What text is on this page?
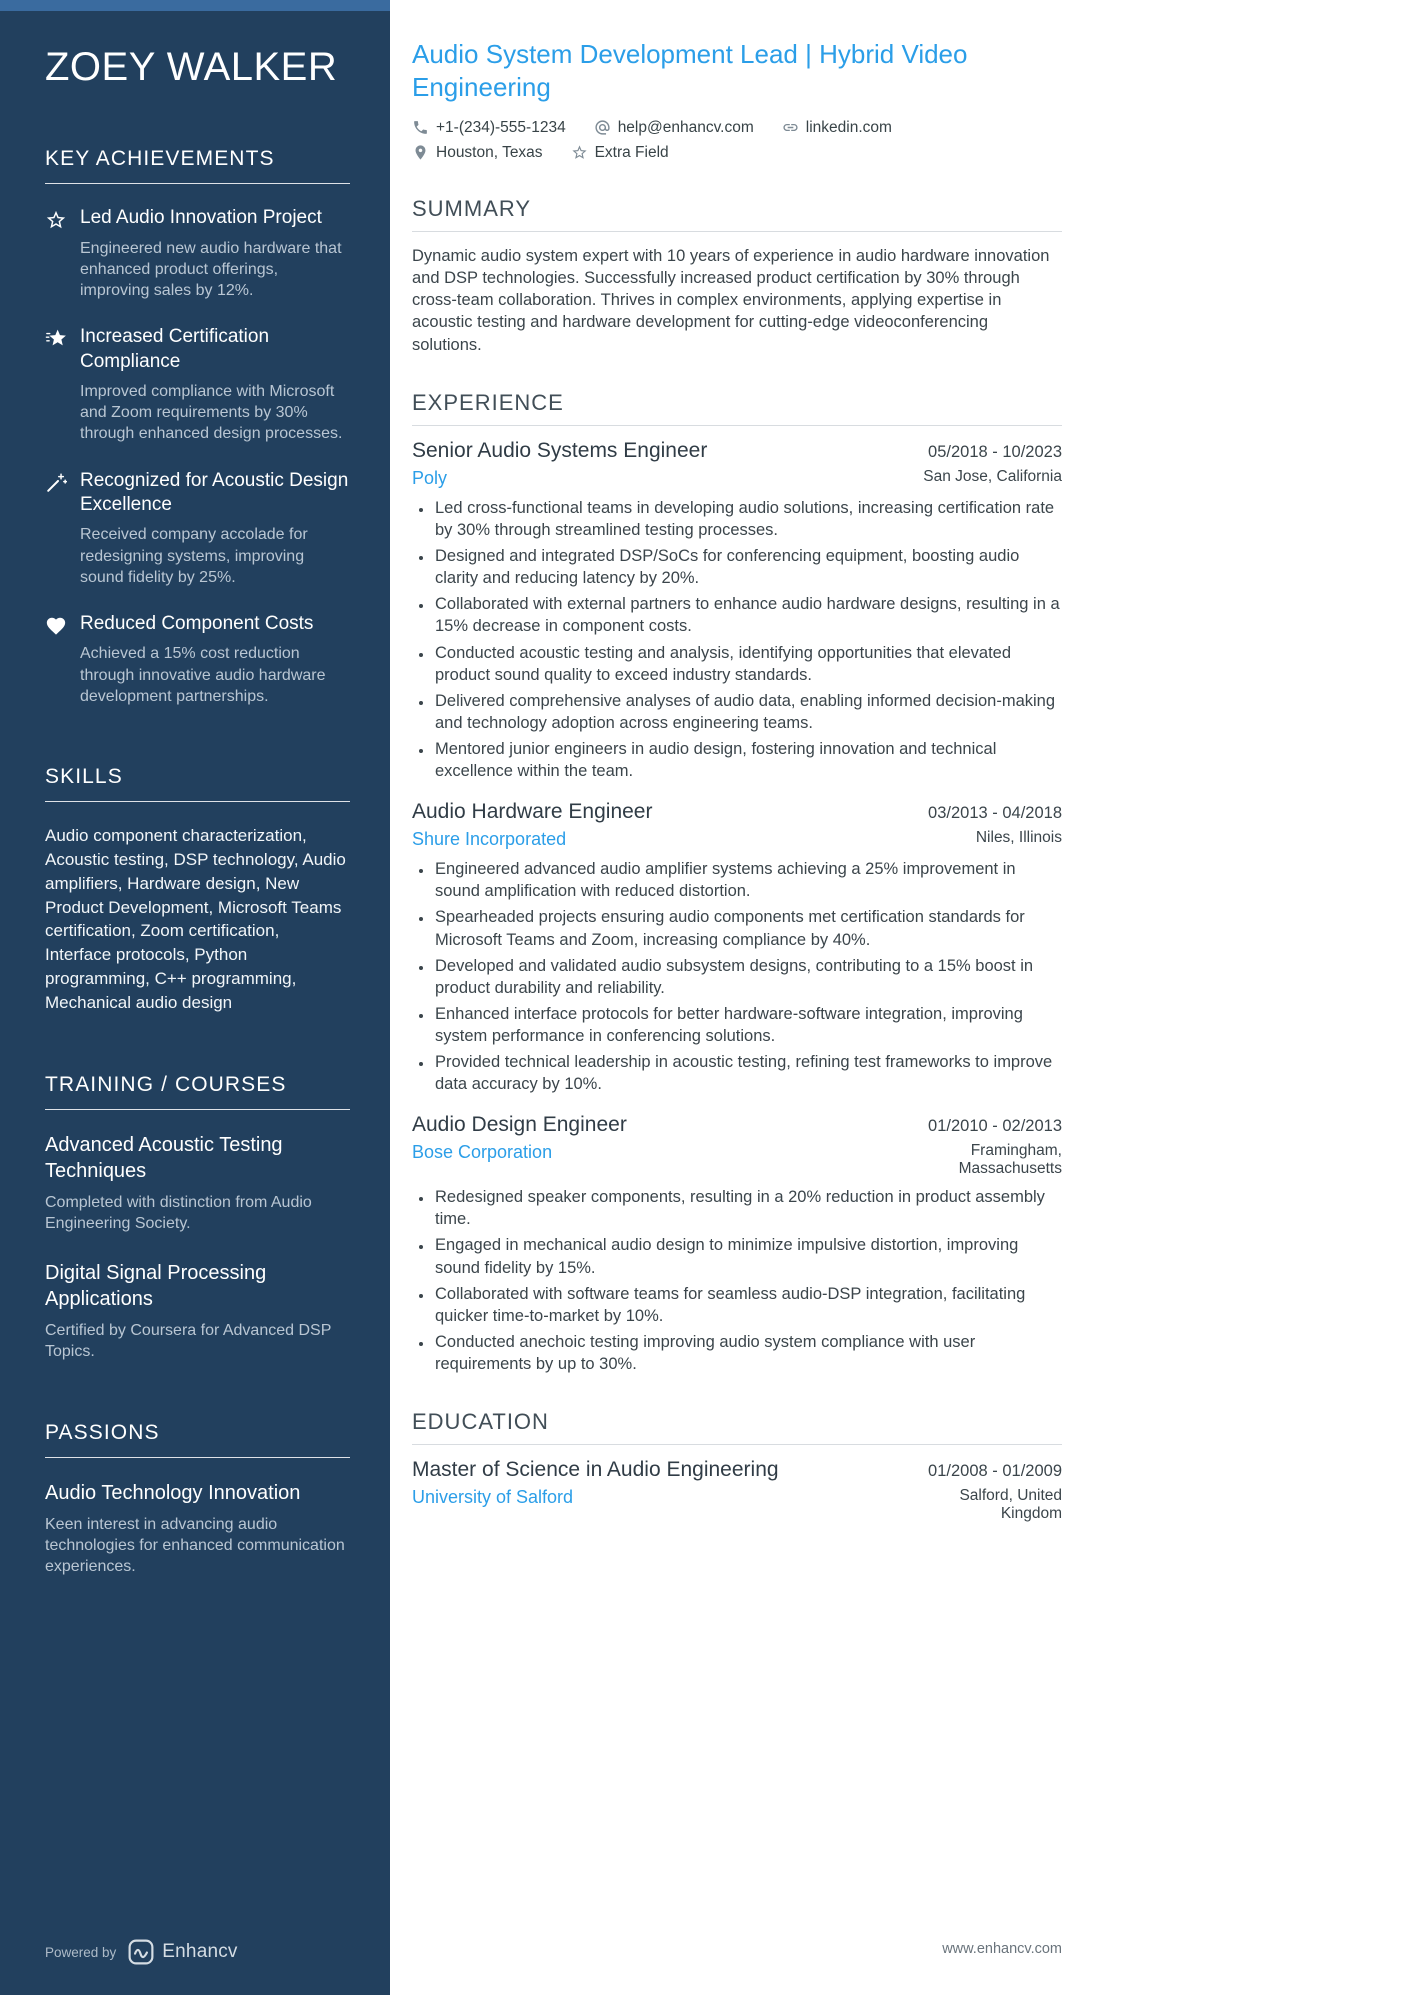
ZOEY WALKER
KEY ACHIEVEMENTS
Led Audio Innovation Project

Engineered new audio hardware that enhanced product offerings, improving sales by 12%.

Increased Certification Compliance

Improved compliance with Microsoft and Zoom requirements by 30% through enhanced design processes.

Recognized for Acoustic Design Excellence

Received company accolade for redesigning systems, improving sound fidelity by 25%.

Reduced Component Costs

Achieved a 15% cost reduction through innovative audio hardware development partnerships.

SKILLS

Audio component characterization, Acoustic testing, DSP technology, Audio amplifiers, Hardware design, New Product Development, Microsoft Teams certification, Zoom certification, Interface protocols, Python programming, C++ programming, Mechanical audio design

TRAINING / COURSES
Advanced Acoustic Testing Techniques

Completed with distinction from Audio Engineering Society.

Digital Signal Processing Applications

Certified by Coursera for Advanced DSP Topics.

PASSIONS
Audio Technology Innovation

Keen interest in advancing audio technologies for enhanced communication experiences.

Powered by Enhancv
Audio System Development Lead | Hybrid Video Engineering
+1-(234)-555-1234	help@enhancv.com	linkedin.com
Houston, Texas	Extra Field
SUMMARY

Dynamic audio system expert with 10 years of experience in audio hardware innovation and DSP technologies. Successfully increased product certification by 30% through cross-team collaboration. Thrives in complex environments, applying expertise in acoustic testing and hardware development for cutting-edge videoconferencing solutions.

EXPERIENCE
Senior Audio Systems Engineer	05/2018 - 10/2023
Poly	San Jose, California
• Led cross-functional teams in developing audio solutions, increasing certification rate by 30% through streamlined testing processes.
• Designed and integrated DSP/SoCs for conferencing equipment, boosting audio clarity and reducing latency by 20%.
• Collaborated with external partners to enhance audio hardware designs, resulting in a 15% decrease in component costs.
• Conducted acoustic testing and analysis, identifying opportunities that elevated product sound quality to exceed industry standards.
• Delivered comprehensive analyses of audio data, enabling informed decision-making and technology adoption across engineering teams.
• Mentored junior engineers in audio design, fostering innovation and technical excellence within the team.
Audio Hardware Engineer	03/2013 - 04/2018
Shure Incorporated	Niles, Illinois
• Engineered advanced audio amplifier systems achieving a 25% improvement in sound amplification with reduced distortion.
• Spearheaded projects ensuring audio components met certification standards for Microsoft Teams and Zoom, increasing compliance by 40%.
• Developed and validated audio subsystem designs, contributing to a 15% boost in product durability and reliability.
• Enhanced interface protocols for better hardware-software integration, improving system performance in conferencing solutions.
• Provided technical leadership in acoustic testing, refining test frameworks to improve data accuracy by 10%.
Audio Design Engineer	01/2010 - 02/2013
Bose Corporation	Framingham, Massachusetts
• Redesigned speaker components, resulting in a 20% reduction in product assembly time.
• Engaged in mechanical audio design to minimize impulsive distortion, improving sound fidelity by 15%.
• Collaborated with software teams for seamless audio-DSP integration, facilitating quicker time-to-market by 10%.
• Conducted anechoic testing improving audio system compliance with user requirements by up to 30%.
EDUCATION
Master of Science in Audio Engineering	01/2008 - 01/2009
University of Salford	Salford, United Kingdom
www.enhancv.com
